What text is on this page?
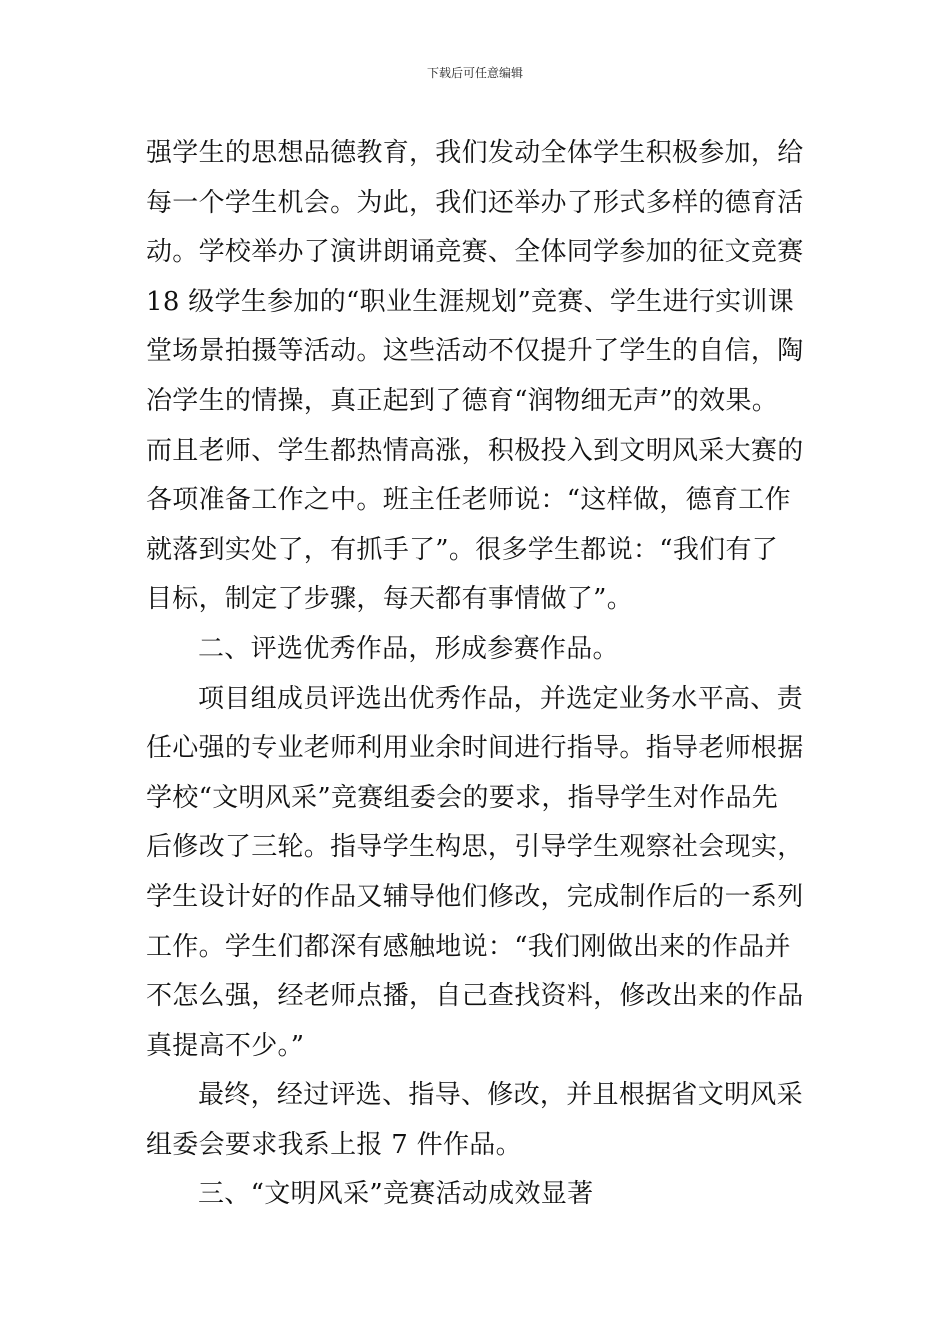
下载后可任意编辑
强学生的思想品德教育，我们发动全体学生积极参加，给
每一个学生机会。为此，我们还举办了形式多样的德育活
动。学校举办了演讲朗诵竞赛、全体同学参加的征文竞赛
18 级学生参加的“职业生涯规划”竞赛、学生进行实训课
堂场景拍摄等活动。这些活动不仅提升了学生的自信，陶
冶学生的情操，真正起到了德育“润物细无声”的效果。
而且老师、学生都热情高涨，积极投入到文明风采大赛的
各项准备工作之中。班主任老师说：“这样做，德育工作
就落到实处了，有抓手了”。很多学生都说：“我们有了
目标，制定了步骤，每天都有事情做了”。
二、评选优秀作品，形成参赛作品。
项目组成员评选出优秀作品，并选定业务水平高、责
任心强的专业老师利用业余时间进行指导。指导老师根据
学校“文明风采”竞赛组委会的要求，指导学生对作品先
后修改了三轮。指导学生构思，引导学生观察社会现实，
学生设计好的作品又辅导他们修改，完成制作后的一系列
工作。学生们都深有感触地说：“我们刚做出来的作品并
不怎么强，经老师点播，自己查找资料，修改出来的作品
真提高不少。”
最终，经过评选、指导、修改，并且根据省文明风采
组委会要求我系上报 7 件作品。
三、“文明风采”竞赛活动成效显著
